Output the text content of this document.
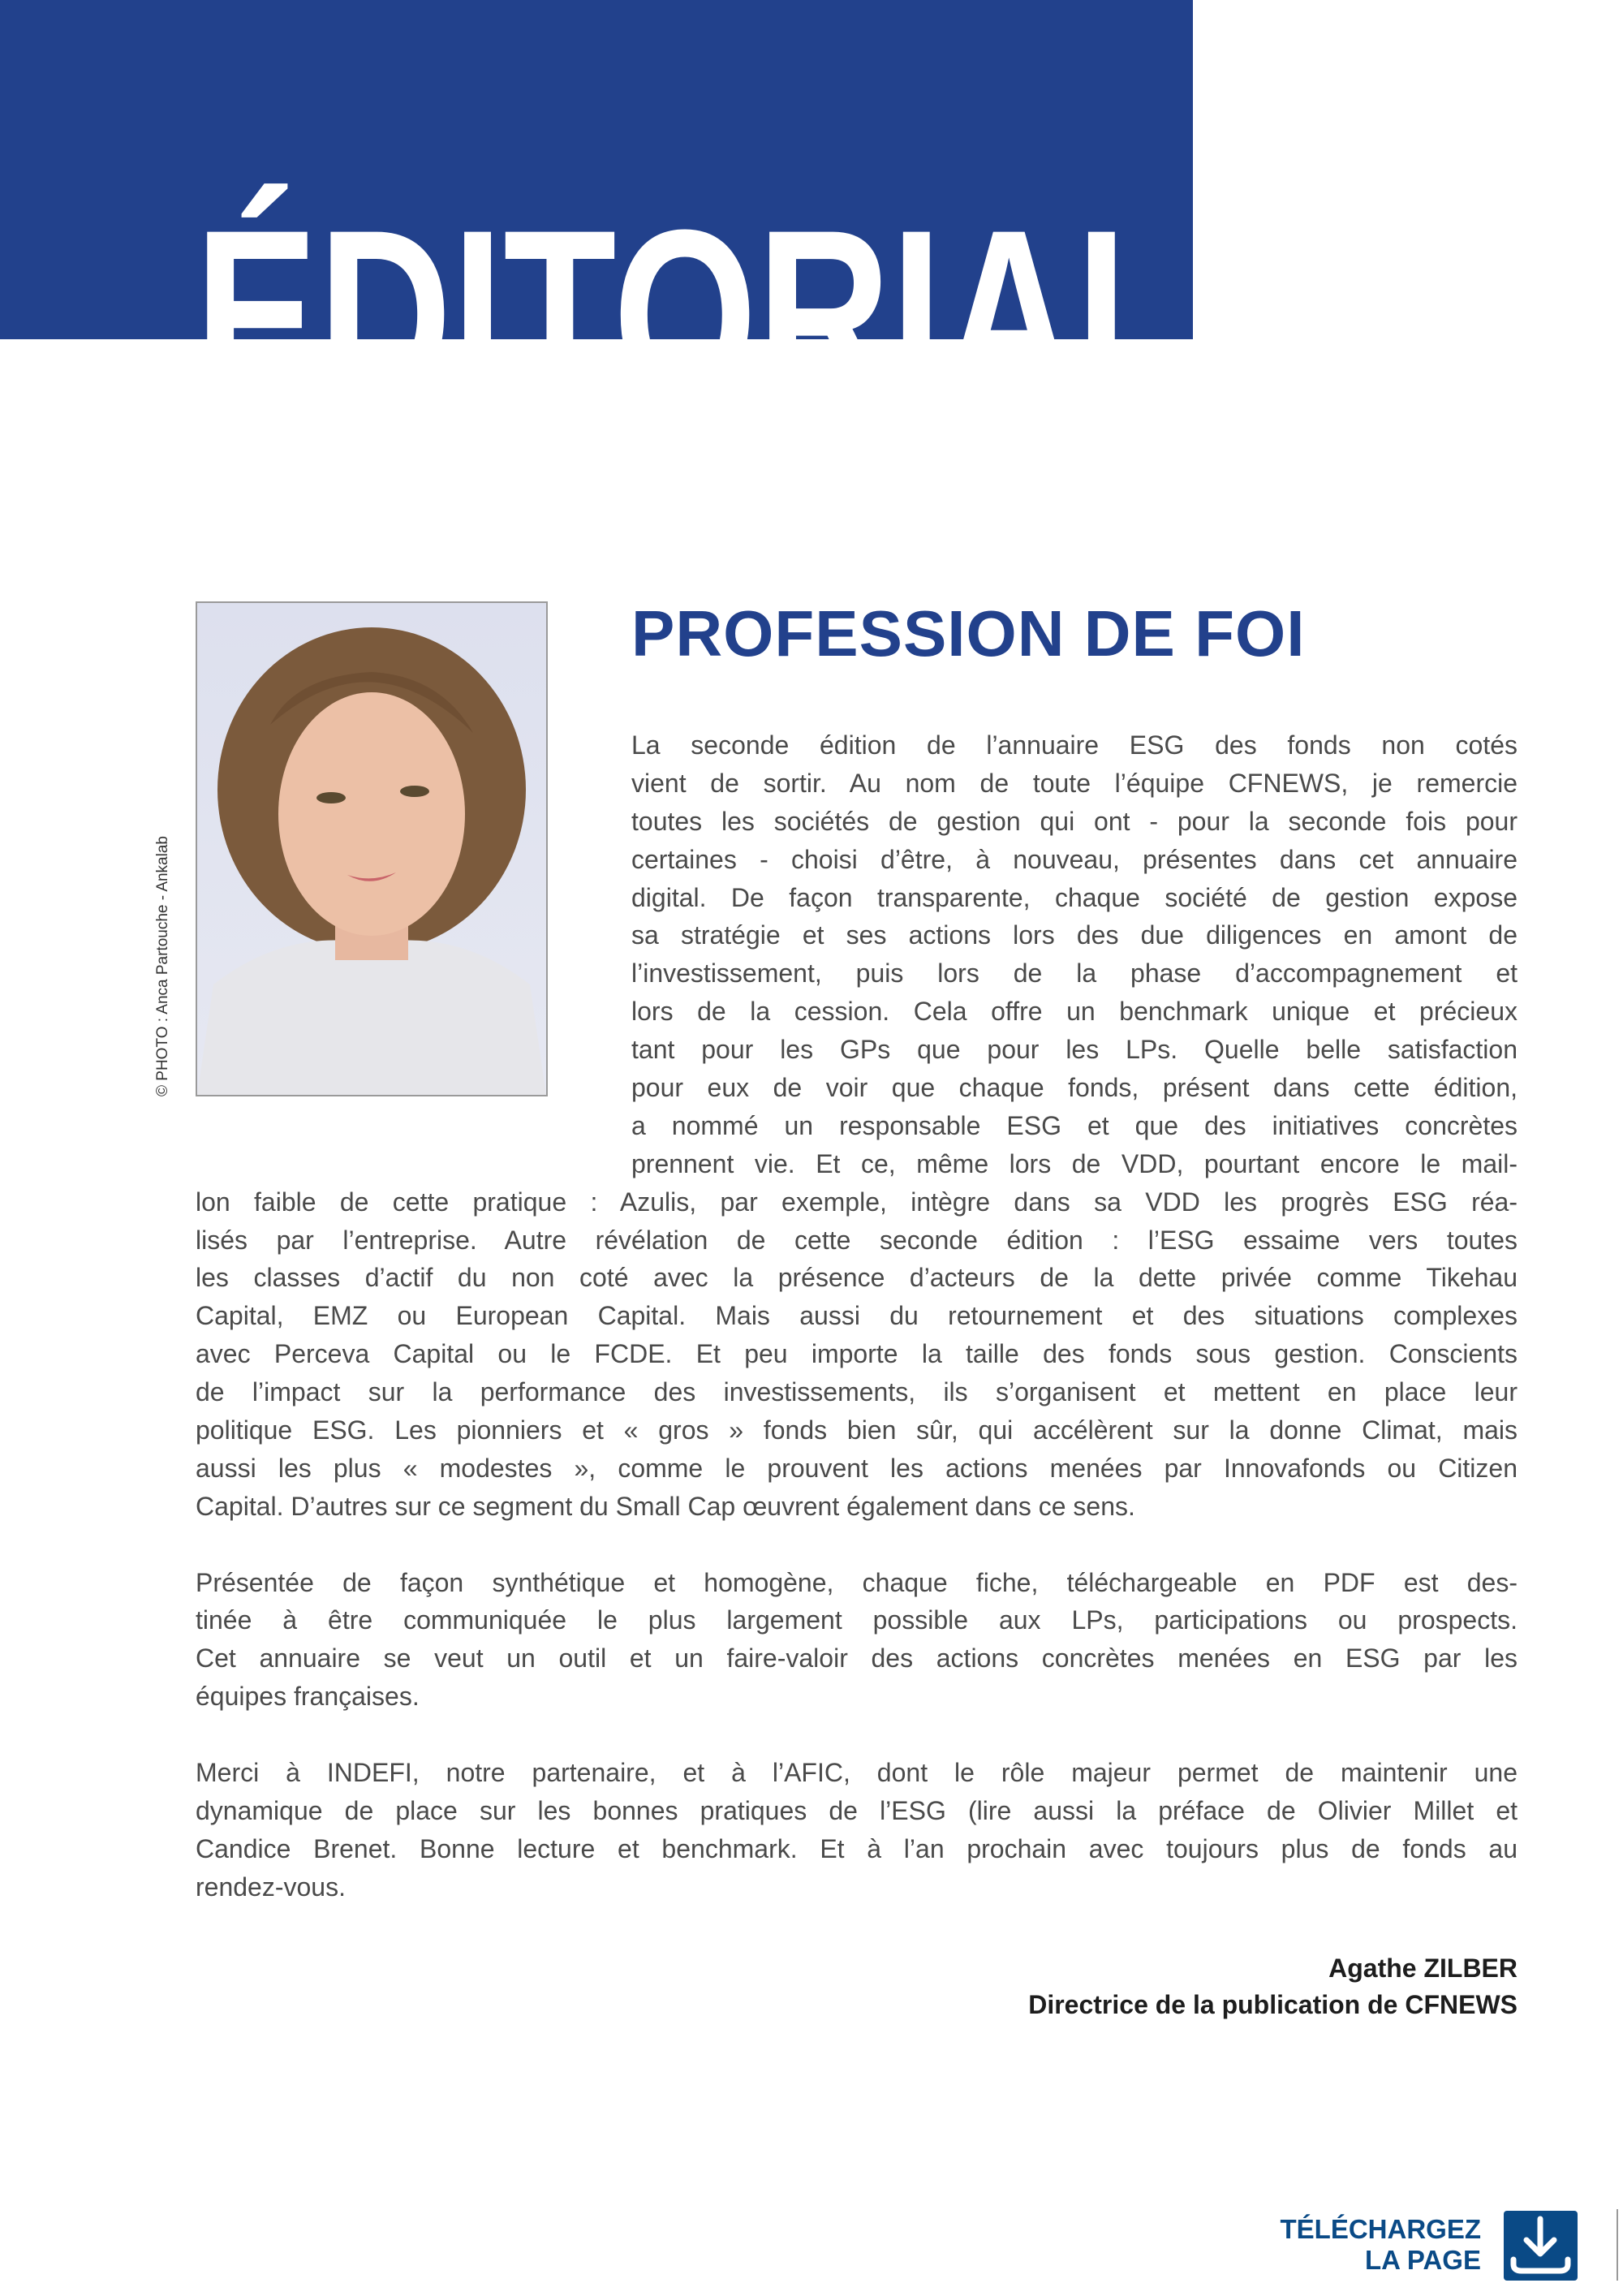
ÉDITORIAL
© PHOTO : Anca Partouche - Ankalab
PROFESSION DE FOI
La seconde édition de l’annuaire ESG des fonds non cotés
vient de sortir. Au nom de toute l’équipe CFNEWS, je remercie
toutes les sociétés de gestion qui ont - pour la seconde fois pour
certaines - choisi d’être, à nouveau, présentes dans cet annuaire
digital. De façon transparente, chaque société de gestion expose
sa stratégie et ses actions lors des due diligences en amont de
l’investissement, puis lors de la phase d’accompagnement et
lors de la cession. Cela offre un benchmark unique et précieux
tant pour les GPs que pour les LPs. Quelle belle satisfaction
pour eux de voir que chaque fonds, présent dans cette édition,
a nommé un responsable ESG et que des initiatives concrètes
prennent vie. Et ce, même lors de VDD, pourtant encore le mail-
lon faible de cette pratique : Azulis, par exemple, intègre dans sa VDD les progrès ESG réa-
lisés par l’entreprise. Autre révélation de cette seconde édition : l’ESG essaime vers toutes
les classes d’actif du non coté avec la présence d’acteurs de la dette privée comme Tikehau
Capital, EMZ ou European Capital. Mais aussi du retournement et des situations complexes
avec Perceva Capital ou le FCDE. Et peu importe la taille des fonds sous gestion. Conscients
de l’impact sur la performance des investissements, ils s’organisent et mettent en place leur
politique ESG. Les pionniers et « gros » fonds bien sûr, qui accélèrent sur la donne Climat, mais
aussi les plus « modestes », comme le prouvent les actions menées par Innovafonds ou Citizen
Capital. D’autres sur ce segment du Small Cap œuvrent également dans ce sens.
Présentée de façon synthétique et homogène, chaque fiche, téléchargeable en PDF est des-
tinée à être communiquée le plus largement possible aux LPs, participations ou prospects.
Cet annuaire se veut un outil et un faire-valoir des actions concrètes menées en ESG par les
équipes françaises.
Merci à INDEFI, notre partenaire, et à l’AFIC, dont le rôle majeur permet de maintenir une
dynamique de place sur les bonnes pratiques de l’ESG (lire aussi la préface de Olivier Millet et
Candice Brenet. Bonne lecture et benchmark. Et à l’an prochain avec toujours plus de fonds au
rendez-vous.
Agathe ZILBER
Directrice de la publication de CFNEWS
TÉLÉCHARGEZ
LA PAGE
